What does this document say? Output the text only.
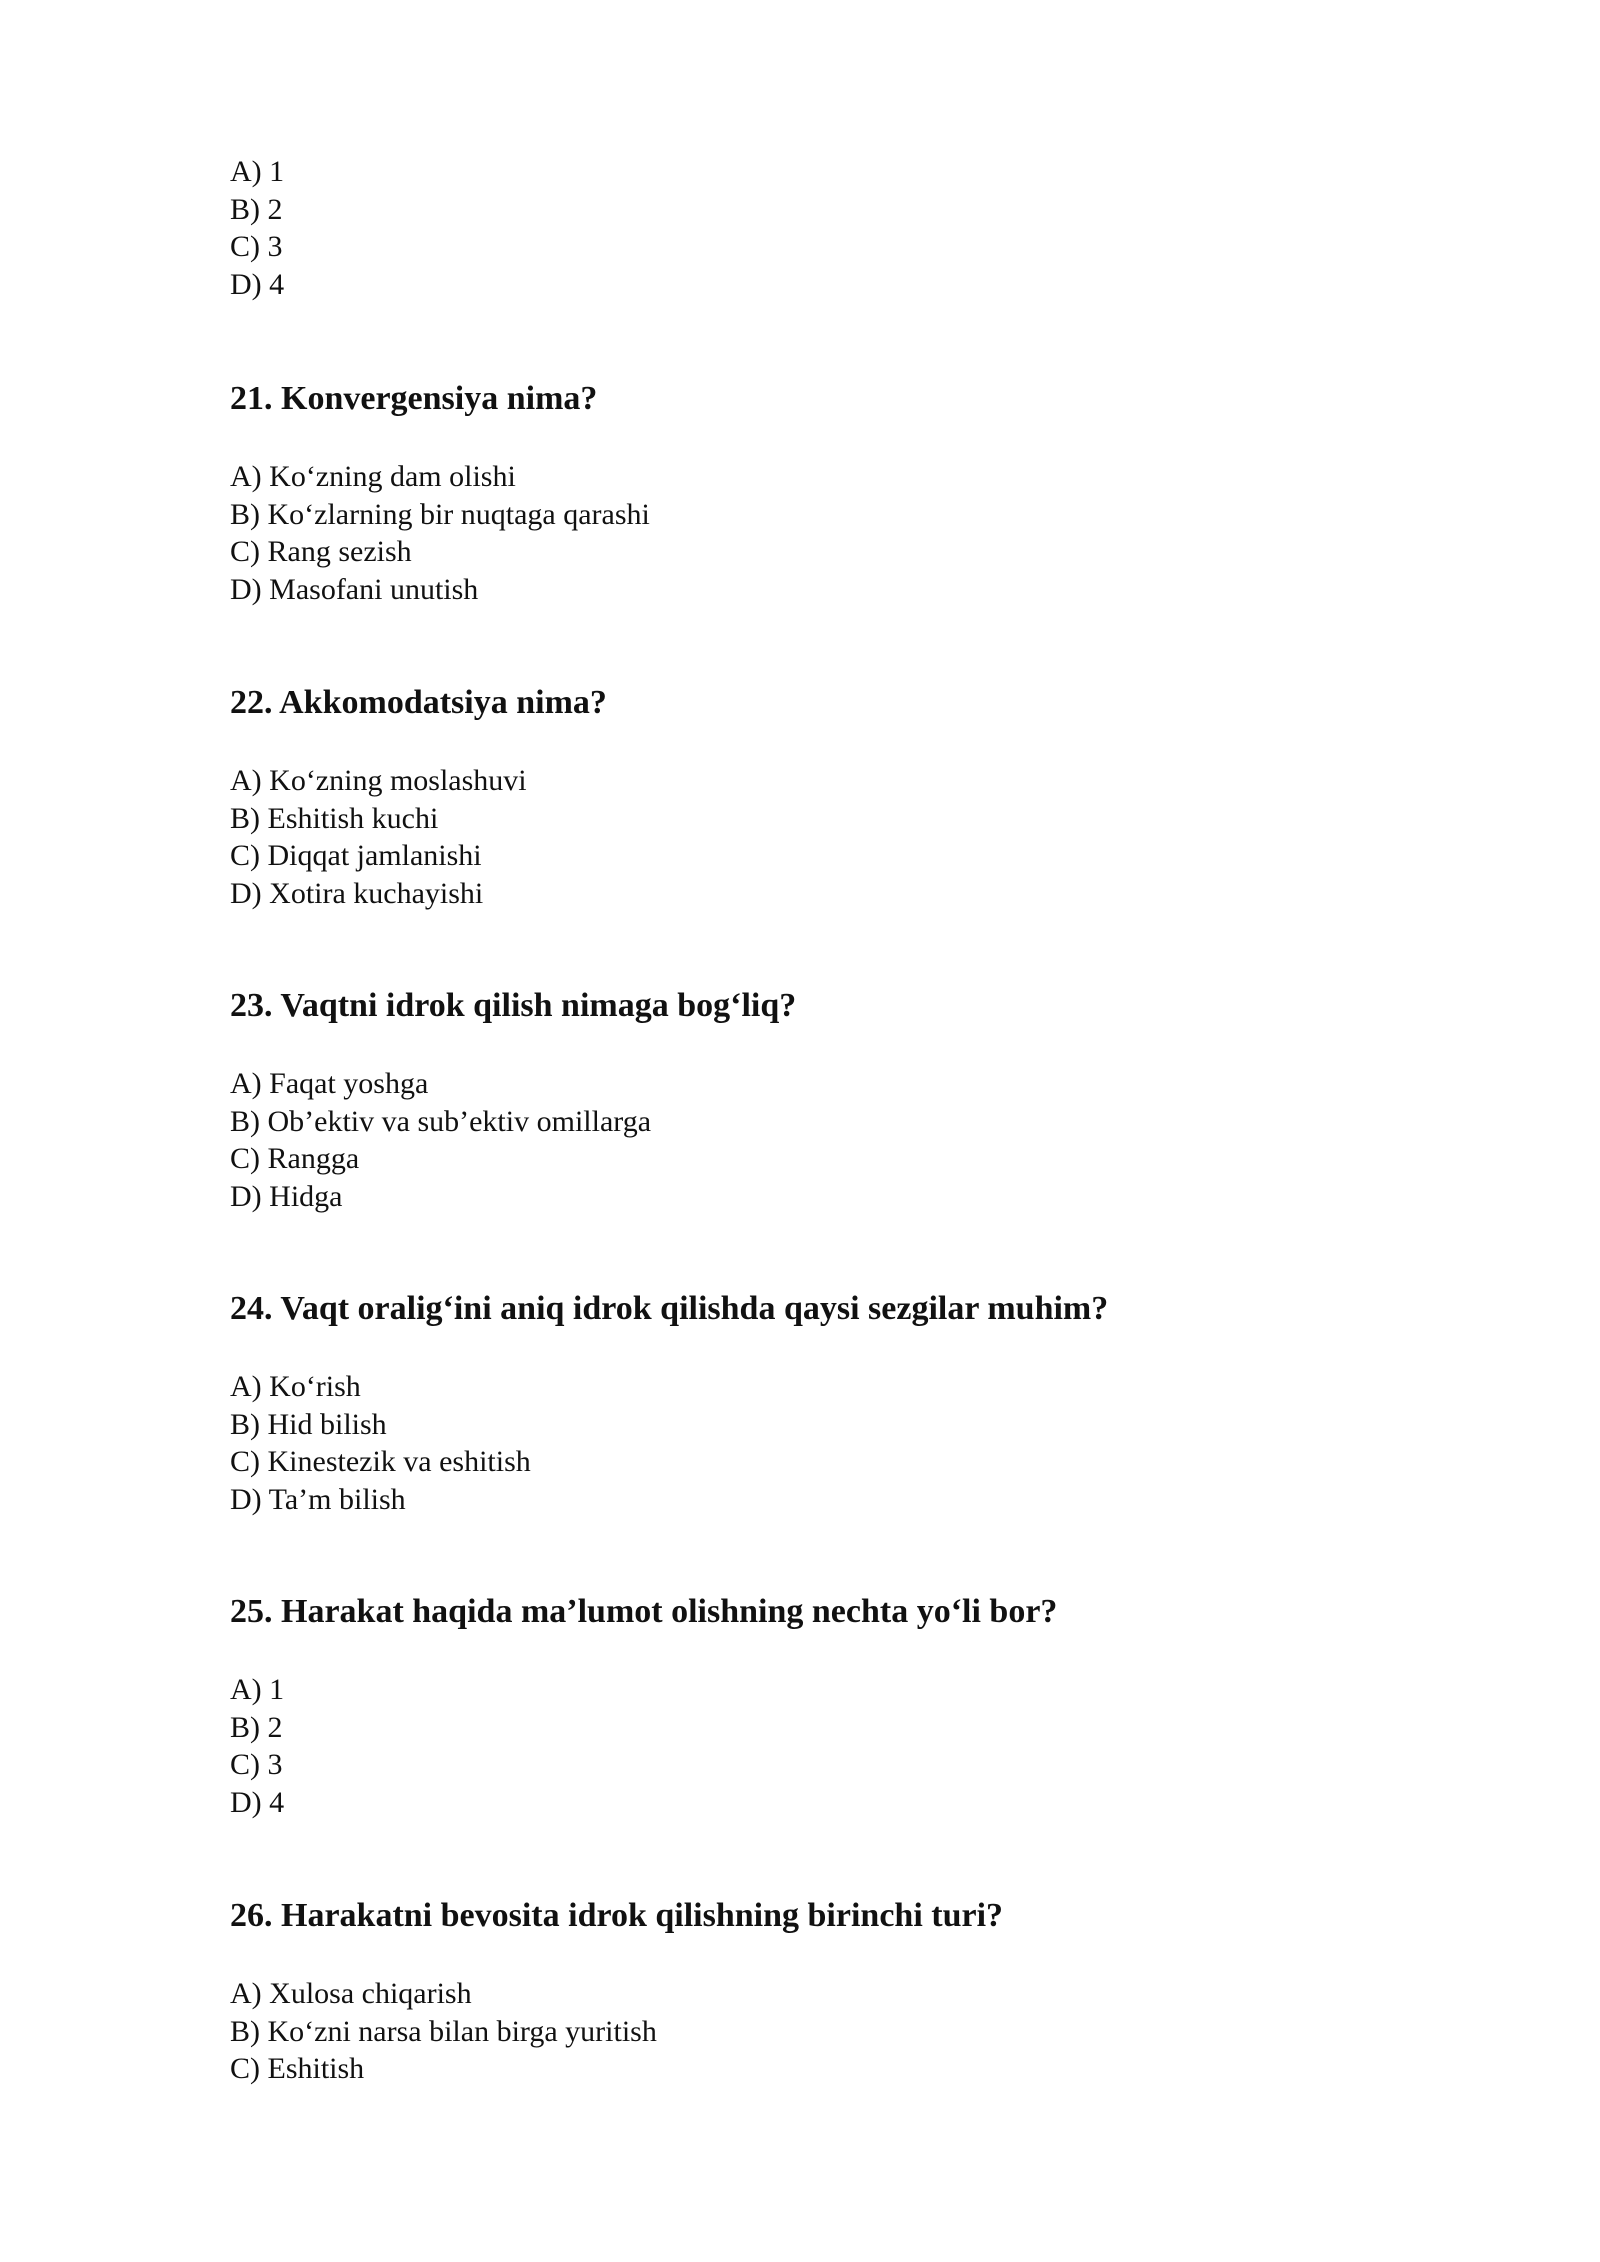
A) 1
B) 2
C) 3
D) 4
21. Konvergensiya nima?
A) Ko‘zning dam olishi
B) Ko‘zlarning bir nuqtaga qarashi
C) Rang sezish
D) Masofani unutish
22. Akkomodatsiya nima?
A) Ko‘zning moslashuvi
B) Eshitish kuchi
C) Diqqat jamlanishi
D) Xotira kuchayishi
23. Vaqtni idrok qilish nimaga bog‘liq?
A) Faqat yoshga
B) Ob’ektiv va sub’ektiv omillarga
C) Rangga
D) Hidga
24. Vaqt oralig‘ini aniq idrok qilishda qaysi sezgilar muhim?
A) Ko‘rish
B) Hid bilish
C) Kinestezik va eshitish
D) Ta’m bilish
25. Harakat haqida ma’lumot olishning nechta yo‘li bor?
A) 1
B) 2
C) 3
D) 4
26. Harakatni bevosita idrok qilishning birinchi turi?
A) Xulosa chiqarish
B) Ko‘zni narsa bilan birga yuritish
C) Eshitish
